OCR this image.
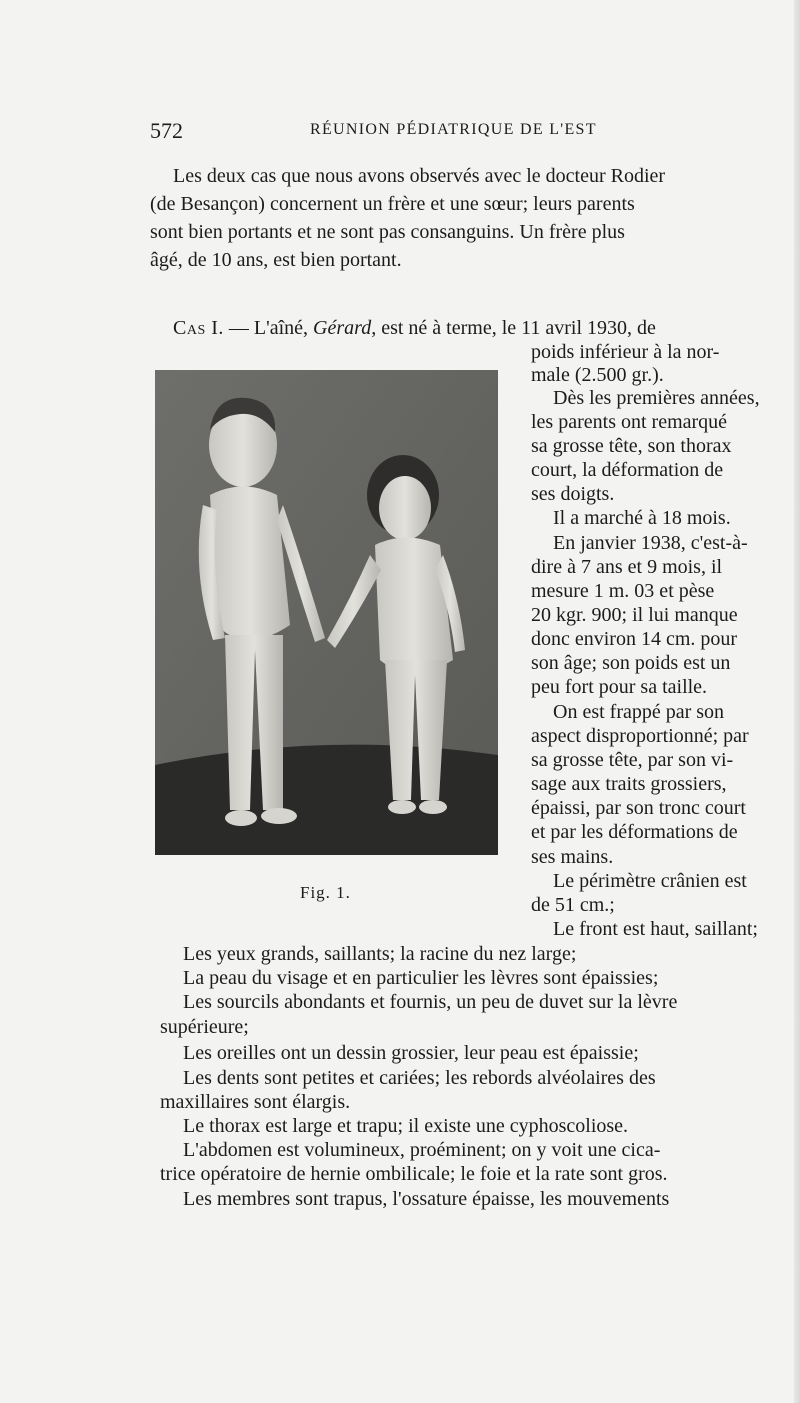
572	RÉUNION PÉDIATRIQUE DE L'EST
Les deux cas que nous avons observés avec le docteur Rodier
(de Besançon) concernent un frère et une sœur; leurs parents
sont bien portants et ne sont pas consanguins. Un frère plus
âgé, de 10 ans, est bien portant.
Cas I. — L'aîné, Gérard, est né à terme, le 11 avril 1930, de
poids inférieur à la nor-
male (2.500 gr.).
Dès les premières années,
les parents ont remarqué
sa grosse tête, son thorax
court, la déformation de
ses doigts.
Il a marché à 18 mois.
En janvier 1938, c'est-à-
dire à 7 ans et 9 mois, il
mesure 1 m. 03 et pèse
20 kgr. 900; il lui manque
donc environ 14 cm. pour
son âge; son poids est un
peu fort pour sa taille.
On est frappé par son
aspect disproportionné; par
sa grosse tête, par son vi-
sage aux traits grossiers,
épaissi, par son tronc court
et par les déformations de
ses mains.
Le périmètre crânien est
de 51 cm.;
Le front est haut, saillant;
Fig. 1.
Les yeux grands, saillants; la racine du nez large;
La peau du visage et en particulier les lèvres sont épaissies;
Les sourcils abondants et fournis, un peu de duvet sur la lèvre
supérieure;
Les oreilles ont un dessin grossier, leur peau est épaissie;
Les dents sont petites et cariées; les rebords alvéolaires des
maxillaires sont élargis.
Le thorax est large et trapu; il existe une cyphoscoliose.
L'abdomen est volumineux, proéminent; on y voit une cica-
trice opératoire de hernie ombilicale; le foie et la rate sont gros.
Les membres sont trapus, l'ossature épaisse, les mouvements
